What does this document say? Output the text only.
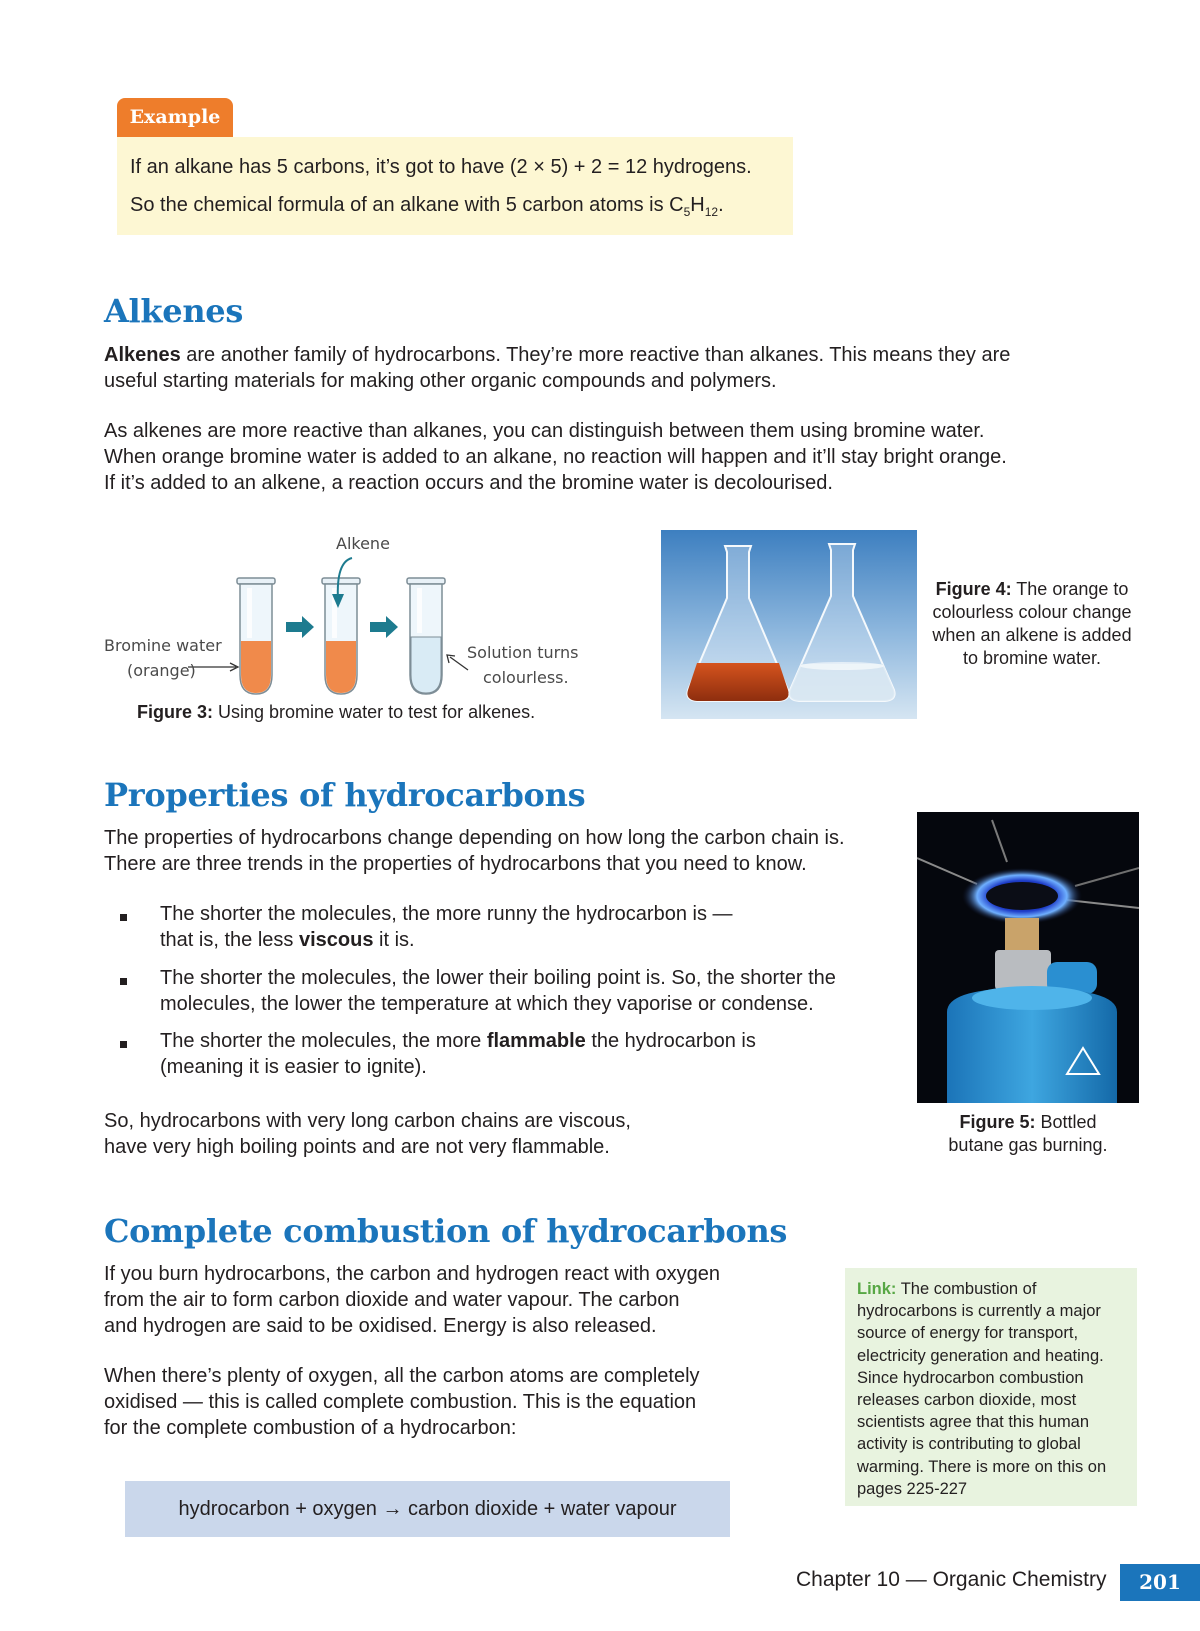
Example
If an alkane has 5 carbons, it’s got to have (2 × 5) + 2 = 12 hydrogens.
So the chemical formula of an alkane with 5 carbon atoms is $C_5H_{12}$.
Alkenes

Alkenes are another family of hydrocarbons. They’re more reactive than alkanes. This means they are
useful starting materials for making other organic compounds and polymers.

As alkenes are more reactive than alkanes, you can distinguish between them using bromine water.
When orange bromine water is added to an alkane, no reaction will happen and it’ll stay bright orange.
If it’s added to an alkene, a reaction occurs and the bromine water is decolourised.

Alkene
Bromine water
(orange)
Solution turns
colourless.
Figure 3: Using bromine water to test for alkenes.
Figure 4: The orange to
colourless colour change
when an alkene is added
to bromine water.
Properties of hydrocarbons

The properties of hydrocarbons change depending on how long the carbon chain is.
There are three trends in the properties of hydrocarbons that you need to know.

The shorter the molecules, the more runny the hydrocarbon is —
that is, the less viscous it is.

The shorter the molecules, the lower their boiling point is. So, the shorter the
molecules, the lower the temperature at which they vaporise or condense.

The shorter the molecules, the more flammable the hydrocarbon is
(meaning it is easier to ignite).

So, hydrocarbons with very long carbon chains are viscous,
have very high boiling points and are not very flammable.

Figure 5: Bottled
butane gas burning.
Complete combustion of hydrocarbons

If you burn hydrocarbons, the carbon and hydrogen react with oxygen
from the air to form carbon dioxide and water vapour. The carbon
and hydrogen are said to be oxidised. Energy is also released.

When there’s plenty of oxygen, all the carbon atoms are completely
oxidised — this is called complete combustion. This is the equation
for the complete combustion of a hydrocarbon:

hydrocarbon + oxygen → carbon dioxide + water vapour
Link: The combustion of hydrocarbons is currently a major source of energy for transport, electricity generation and heating. Since hydrocarbon combustion releases carbon dioxide, most scientists agree that this human activity is contributing to global warming. There is more on this on pages 225-227
Chapter 10 — Organic Chemistry	201
